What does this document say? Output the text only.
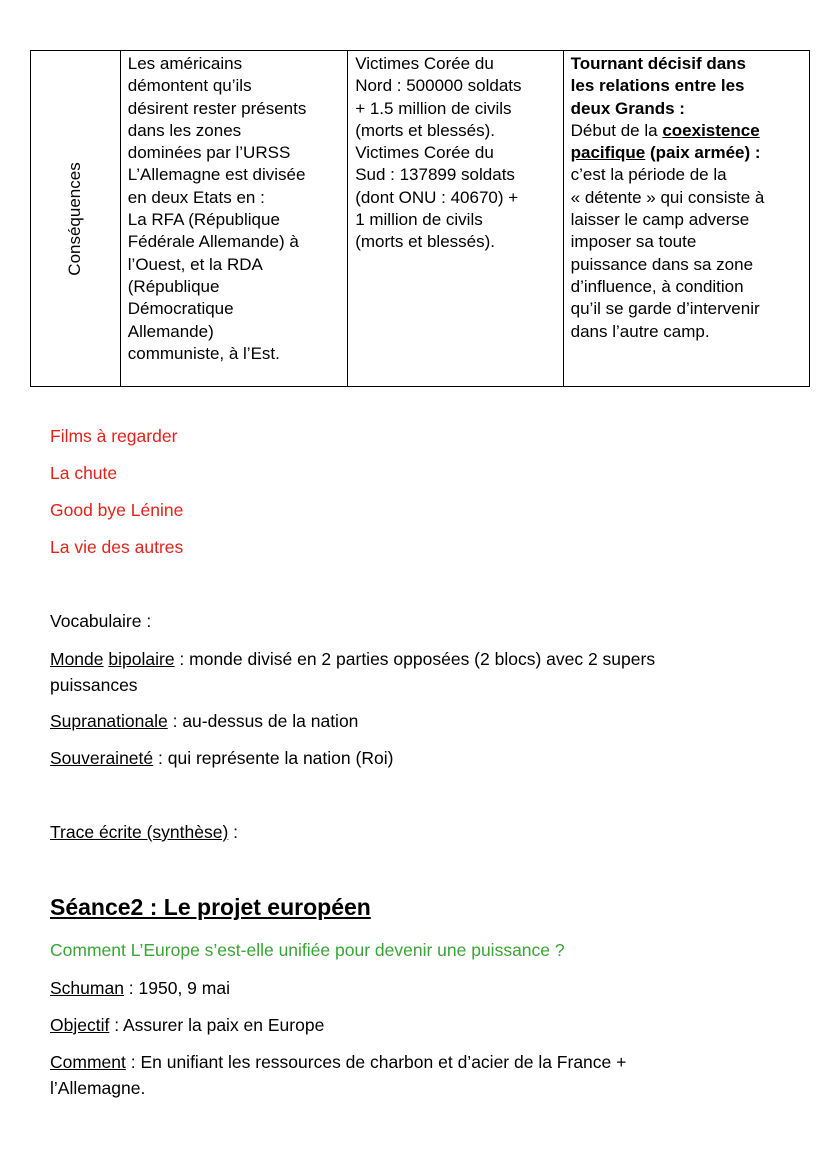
Conséquences
Les américains
démontent qu’ils
désirent rester présents
dans les zones
dominées par l’URSS
L’Allemagne est divisée
en deux Etats en :
La RFA (République
Fédérale Allemande) à
l’Ouest, et la RDA
(République
Démocratique
Allemande)
communiste, à l’Est.
Victimes Corée du
Nord : 500000 soldats
+ 1.5 million de civils
(morts et blessés).
Victimes Corée du
Sud : 137899 soldats
(dont ONU : 40670) +
1 million de civils
(morts et blessés).
Tournant décisif dans
les relations entre les
deux Grands :
Début de la coexistence
pacifique (paix armée) :
c’est la période de la
« détente » qui consiste à
laisser le camp adverse
imposer sa toute
puissance dans sa zone
d’influence, à condition
qu’il se garde d’intervenir
dans l’autre camp.

Films à regarder

La chute

Good bye Lénine

La vie des autres

Vocabulaire :

Monde bipolaire : monde divisé en 2 parties opposées (2 blocs) avec 2 supers

puissances

Supranationale : au-dessus de la nation

Souveraineté : qui représente la nation (Roi)

Trace écrite (synthèse) :

Séance2 : Le projet européen

Comment L’Europe s’est-elle unifiée pour devenir une puissance ?

Schuman : 1950, 9 mai

Objectif : Assurer la paix en Europe

Comment : En unifiant les ressources de charbon et d’acier de la France +

l’Allemagne.
